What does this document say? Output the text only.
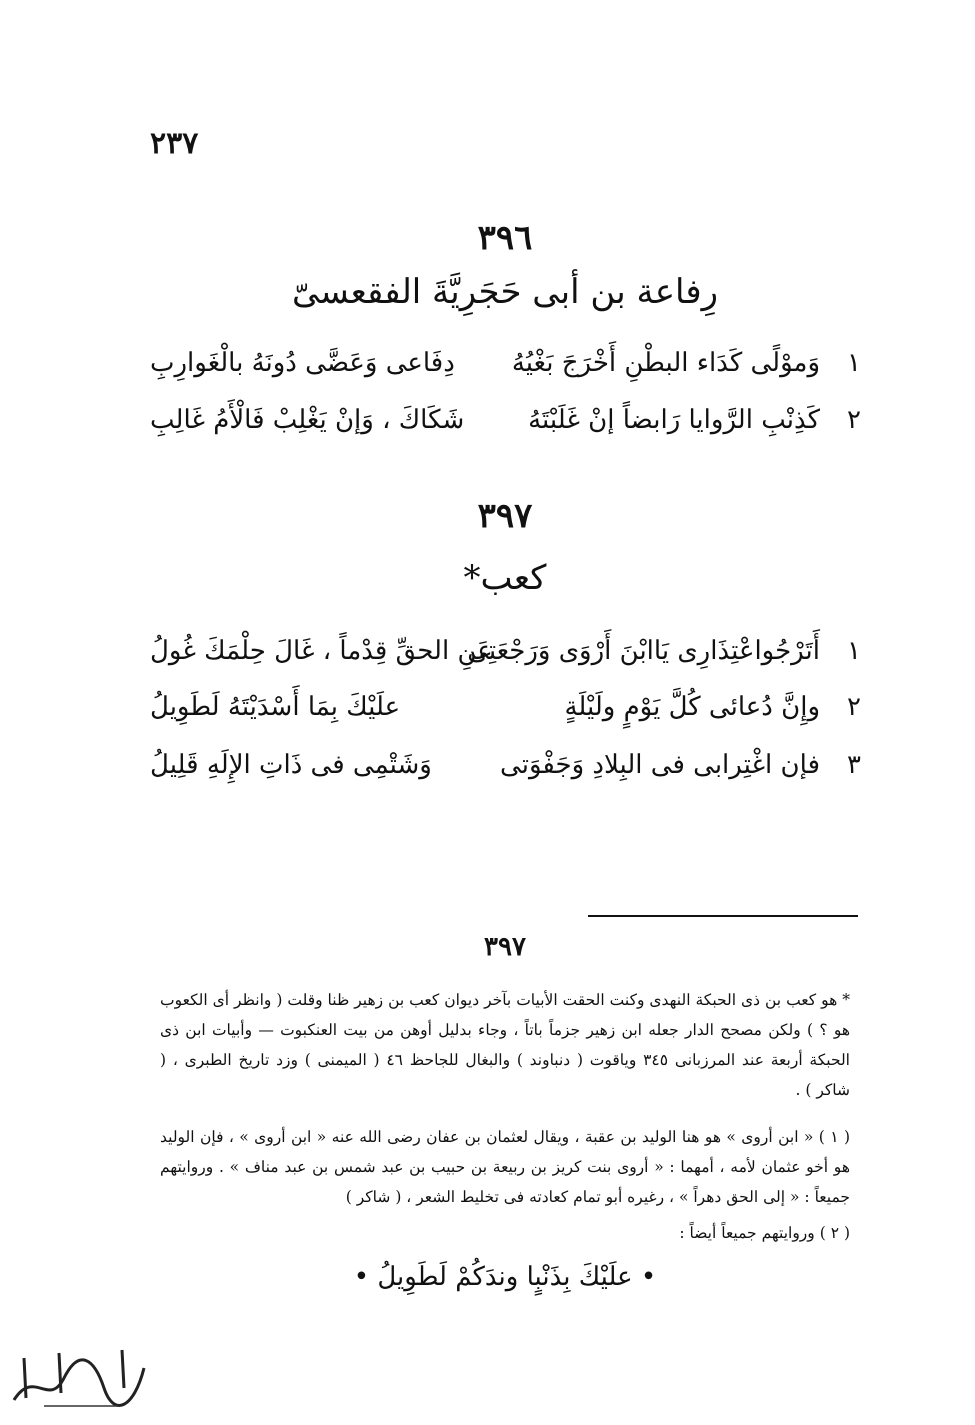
٢٣٧
٣٩٦
رِفاعة بن أبى حَجَرِيَّةَ الفقعسىّ
١
وَموْلًى كَدَاء البطْنِ أَخْرَجَ بَغْيُهُ
دِفَاعى وَعَضَّى دُونَهُ بالْغَوارِبِ
٢
كَذِنْبِ الرَّوايا رَابضاً إنْ غَلَبْتَهُ
شَكَاكَ ، وَإنْ يَغْلِبْ فَالْأَمُ غَالِبِ
٣٩٧
كعب*
١
أَتَرْجُواعْتِذَارِى يَاابْنَ أَرْوَى وَرَجْعَتِى
عَنِ الحقِّ قِدْماً ، غَالَ حِلْمَكَ غُولُ
٢
وإِنَّ دُعائى كُلَّ يَوْمٍ ولَيْلَةٍ
علَيْكَ بِمَا أَسْدَيْتَهُ لَطَوِيلُ
٣
فإن اغْتِرابى فى البِلادِ وَجَفْوَتى
وَشَتْمِى فى ذَاتِ الإِلَهِ قَلِيلُ
٣٩٧
* هو كعب بن ذى الحبكة النهدى وكنت الحقت الأبيات بآخر ديوان كعب بن زهير ظنا وقلت ( وانظر أى الكعوب هو ؟ ) ولكن مصحح الدار جعله ابن زهير جزماً باتاً ، وجاء بدليل أوهن من بيت العنكبوت — وأبيات ابن ذى الحبكة أربعة عند المرزبانى ٣٤٥ وياقوت ( دنباوند ) والبغال للجاحظ ٤٦ ( الميمنى ) وزد تاريخ الطبرى ، ( شاكر ) .
( ١ ) « ابن أروى » هو هنا الوليد بن عقبة ، ويقال لعثمان بن عفان رضى الله عنه « ابن أروى » ، فإن الوليد هو أخو عثمان لأمه ، أمهما : « أروى بنت كريز بن ربيعة بن حبيب بن عبد شمس بن عبد مناف » . وروايتهم جميعاً : « إلى الحق دهراً » ، رغيره أبو تمام كعادته فى تخليط الشعر ، ( شاكر )
( ٢ ) وروايتهم جميعاً أيضاً :
• علَيْكَ بِذَنْبٍا وندَكُمْ لَطَوِيلُ •
